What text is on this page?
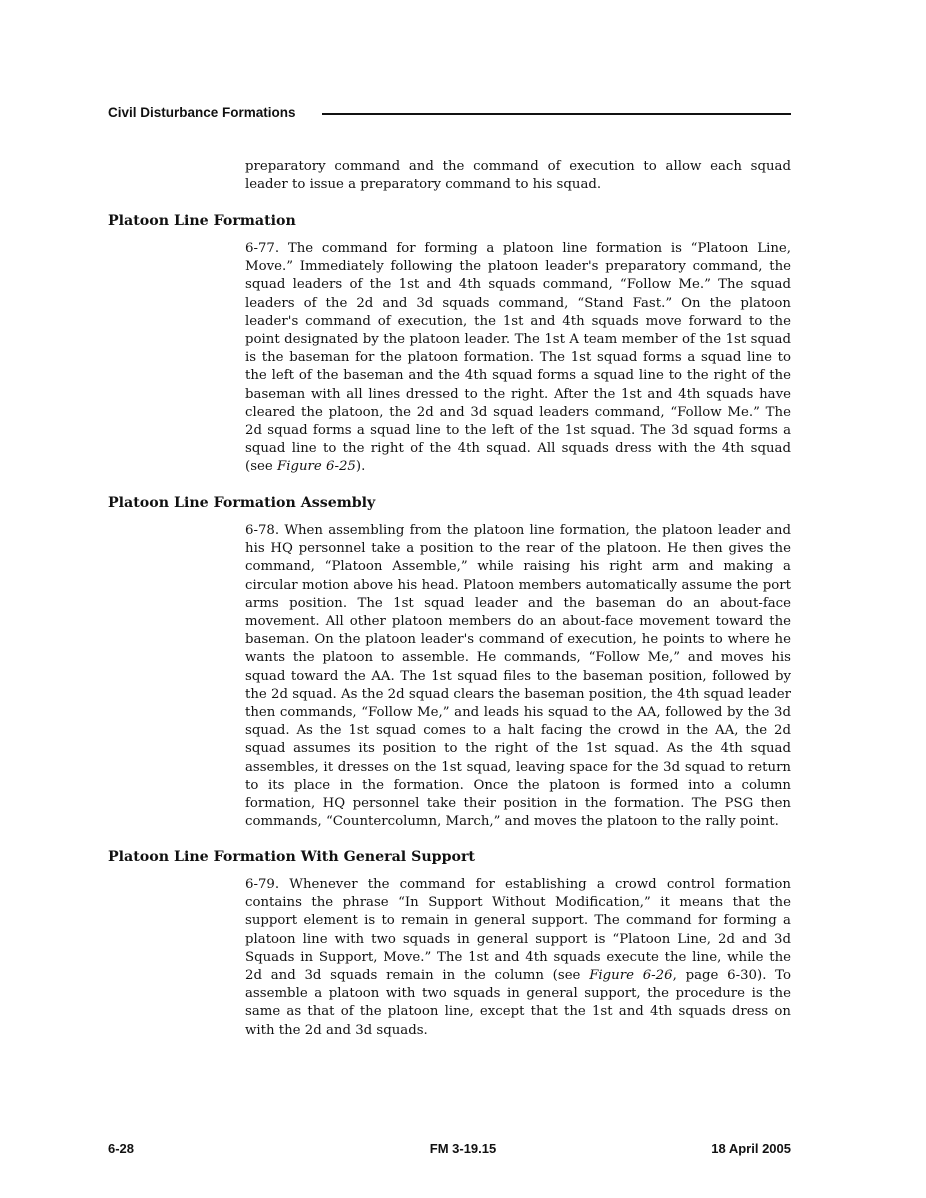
Civil Disturbance Formations

preparatory command and the command of execution to allow each squad leader to issue a preparatory command to his squad.

Platoon Line Formation

6-77. The command for forming a platoon line formation is “Platoon Line, Move.” Immediately following the platoon leader's preparatory command, the squad leaders of the 1st and 4th squads command, “Follow Me.” The squad leaders of the 2d and 3d squads command, “Stand Fast.” On the platoon leader's command of execution, the 1st and 4th squads move forward to the point designated by the platoon leader. The 1st A team member of the 1st squad is the baseman for the platoon formation. The 1st squad forms a squad line to the left of the baseman and the 4th squad forms a squad line to the right of the baseman with all lines dressed to the right. After the 1st and 4th squads have cleared the platoon, the 2d and 3d squad leaders command, “Follow Me.” The 2d squad forms a squad line to the left of the 1st squad. The 3d squad forms a squad line to the right of the 4th squad. All squads dress with the 4th squad (see Figure 6-25).

Platoon Line Formation Assembly

6-78. When assembling from the platoon line formation, the platoon leader and his HQ personnel take a position to the rear of the platoon. He then gives the command, “Platoon Assemble,” while raising his right arm and making a circular motion above his head. Platoon members automatically assume the port arms position. The 1st squad leader and the baseman do an about-face movement. All other platoon members do an about-face movement toward the baseman. On the platoon leader's command of execution, he points to where he wants the platoon to assemble. He commands, “Follow Me,” and moves his squad toward the AA. The 1st squad files to the baseman position, followed by the 2d squad. As the 2d squad clears the baseman position, the 4th squad leader then commands, “Follow Me,” and leads his squad to the AA, followed by the 3d squad. As the 1st squad comes to a halt facing the crowd in the AA, the 2d squad assumes its position to the right of the 1st squad. As the 4th squad assembles, it dresses on the 1st squad, leaving space for the 3d squad to return to its place in the formation. Once the platoon is formed into a column formation, HQ personnel take their position in the formation. The PSG then commands, “Countercolumn, March,” and moves the platoon to the rally point.

Platoon Line Formation With General Support

6-79. Whenever the command for establishing a crowd control formation contains the phrase “In Support Without Modification,” it means that the support element is to remain in general support. The command for forming a platoon line with two squads in general support is “Platoon Line, 2d and 3d Squads in Support, Move.” The 1st and 4th squads execute the line, while the 2d and 3d squads remain in the column (see Figure 6-26, page 6-30). To assemble a platoon with two squads in general support, the procedure is the same as that of the platoon line, except that the 1st and 4th squads dress on with the 2d and 3d squads.

6-28	FM 3-19.15	18 April 2005
